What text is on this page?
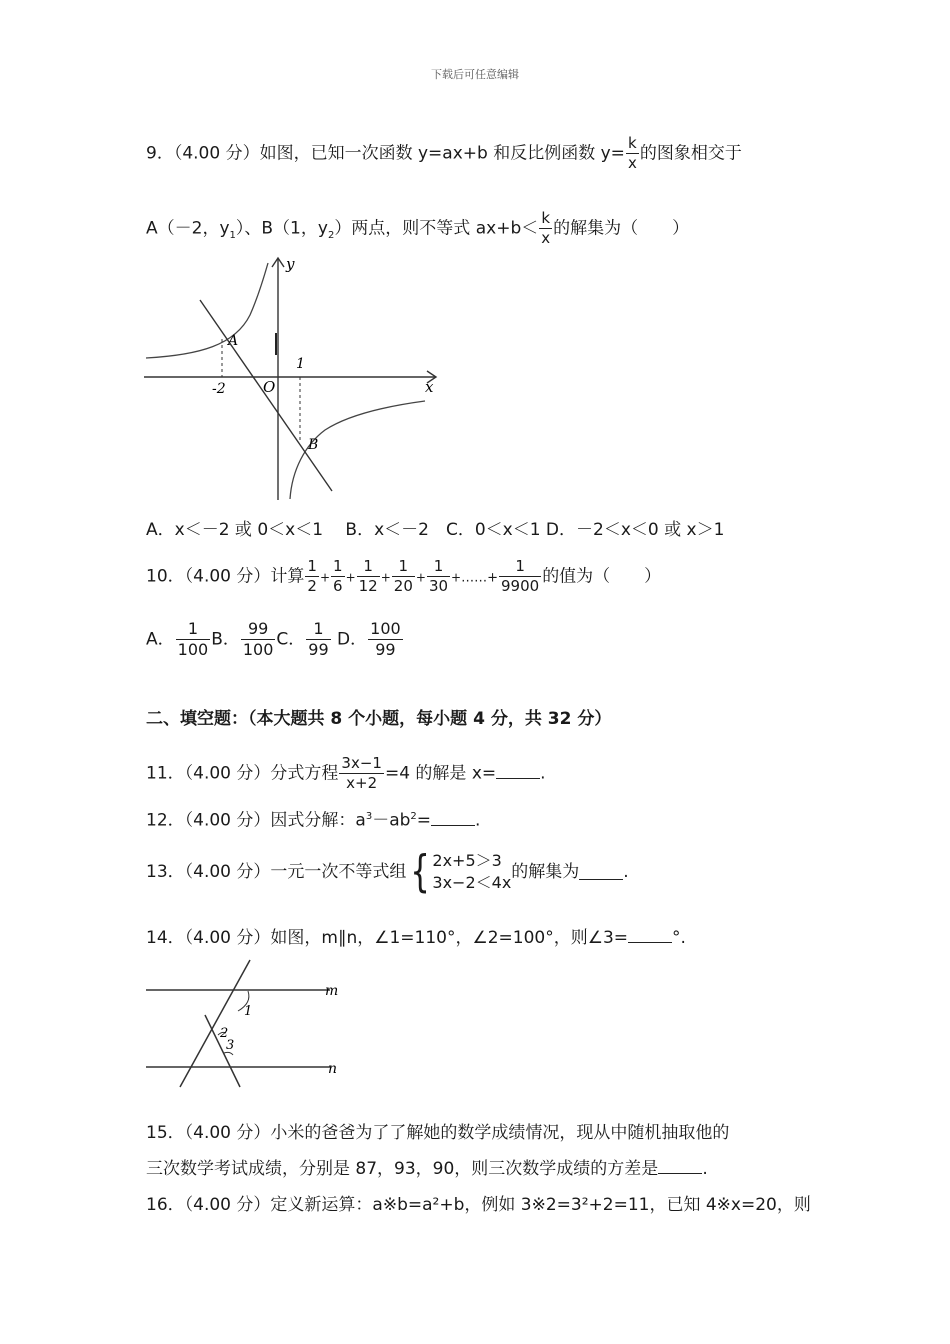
下载后可任意编辑
9．（4.00 分）如图，已知一次函数 y=ax+b 和反比例函数 $y= \frac{k}{x}$ 的图象相交于
A（－2，$y_1$）、B（1，$y_2$）两点，则不等式 $ax+b< \frac{k}{x}$ 的解集为（　　）
y
x
O
A
B
-2
1
A．x＜－2 或 0＜x＜1　 B．x＜－2　C．0＜x＜1 D．－2＜x＜0 或 x＞1
10．（4.00 分）计算 $\frac{1}{2} + \frac{1}{6} + \frac{1}{12} + \frac{1}{20} + \frac{1}{30}$ +……+ $\frac{1}{9900}$ 的值为（　　）
A． $\frac{1}{100}$ B． $\frac{99}{100}$ C． $\frac{1}{99}$ D． $\frac{100}{99}$
二、填空题：（本大题共 8 个小题，每小题 4 分，共 32 分）
11．（4.00 分）分式方程 $\frac{3x-1}{x+2} =4$ 的解是 x=	.
12．（4.00 分）因式分解：$a^3-ab^2=$	.
13．（4.00 分）一元一次不等式组{ 2x+5＞3
3x−2＜4x
的解集为	.
14．（4.00 分）如图，m∥n，∠1=110°，∠2=100°，则∠3=	°.
m
n
1
2
3
15．（4.00 分）小米的爸爸为了了解她的数学成绩情况，现从中随机抽取他的
三次数学考试成绩，分别是 87，93，90，则三次数学成绩的方差是	.
16．（4.00 分）定义新运算：a※b=a²+b，例如 3※2=3²+2=11，已知 4※x=20，则
